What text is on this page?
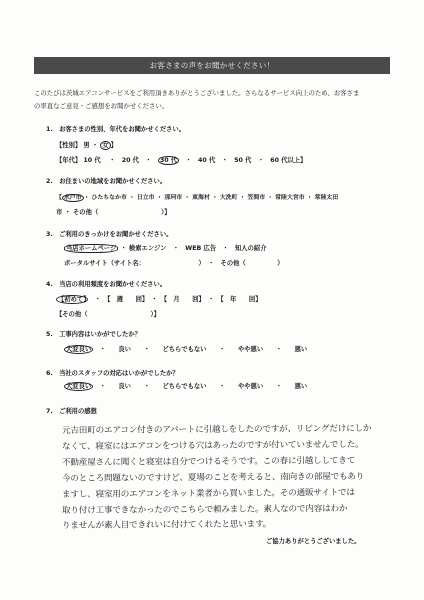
お客さまの声をお聞かせください！
このたびは茨城エアコンサービスをご利用頂きありがとうございました。さらなるサービス向上のため、お客さま
の率直なご意見・ご感想をお聞かせください。
1.　お客さまの性別、年代をお聞かせください。
【性別】 男 ・ 女 】
【年代】 10 代　 ・　20 代　・　30 代　・　40 代　・　50 代　・　60 代以上】
2.　お住まいの地域をお聞かせください。
【 水戸市 ・ ひたちなか市 ・ 日立市 ・ 那珂市 ・ 東海村 ・ 大洗町 ・ 笠間市 ・ 常陸大宮市 ・ 常陸太田
市 ・ その他（　　　　　　　　　　）】
3.　ご利用のきっかけをお聞かせください。
当店ホームページ ・ 検索エンジン　・　WEB 広告　・　知人の紹介
ポータルサイト（サイト名：　　　　　　　　　）　・　その他（　　　　　）
4.　当店の利用頻度をお聞かせください。
【初めて】　・　【　週　　回】　・　【　月　　回】　・　【　年　　回】
【その他（　　　　　　　　　　）】
5.　工事内容はいかがでしたか？
大変良い　・　　良い　　・　　どちらでもない　　・　　やや悪い　　・　　悪い
6.　当社のスタッフの対応はいかがでしたか？
大変良い　・　　良い　　・　　どちらでもない　　・　　やや悪い　　・　　悪い
7.　ご利用の感想
元吉田町のエアコン付きのアパートに引越しをしたのですが、リビングだけにしか
なくて、寝室にはエアコンをつける穴はあったのですが付いていませんでした。
不動産屋さんに聞くと寝室は自分でつけるそうです。この春に引越ししてきて
今のところ問題ないのですけど、夏場のことを考えると、南向きの部屋でもあり
ますし、寝室用のエアコンをネット業者から買いました。その通販サイトでは
取り付け工事できなかったのでこちらで頼みました。素人なので内容はわか
りませんが素人目できれいに付けてくれたと思います。
ご協力ありがとうございました。
